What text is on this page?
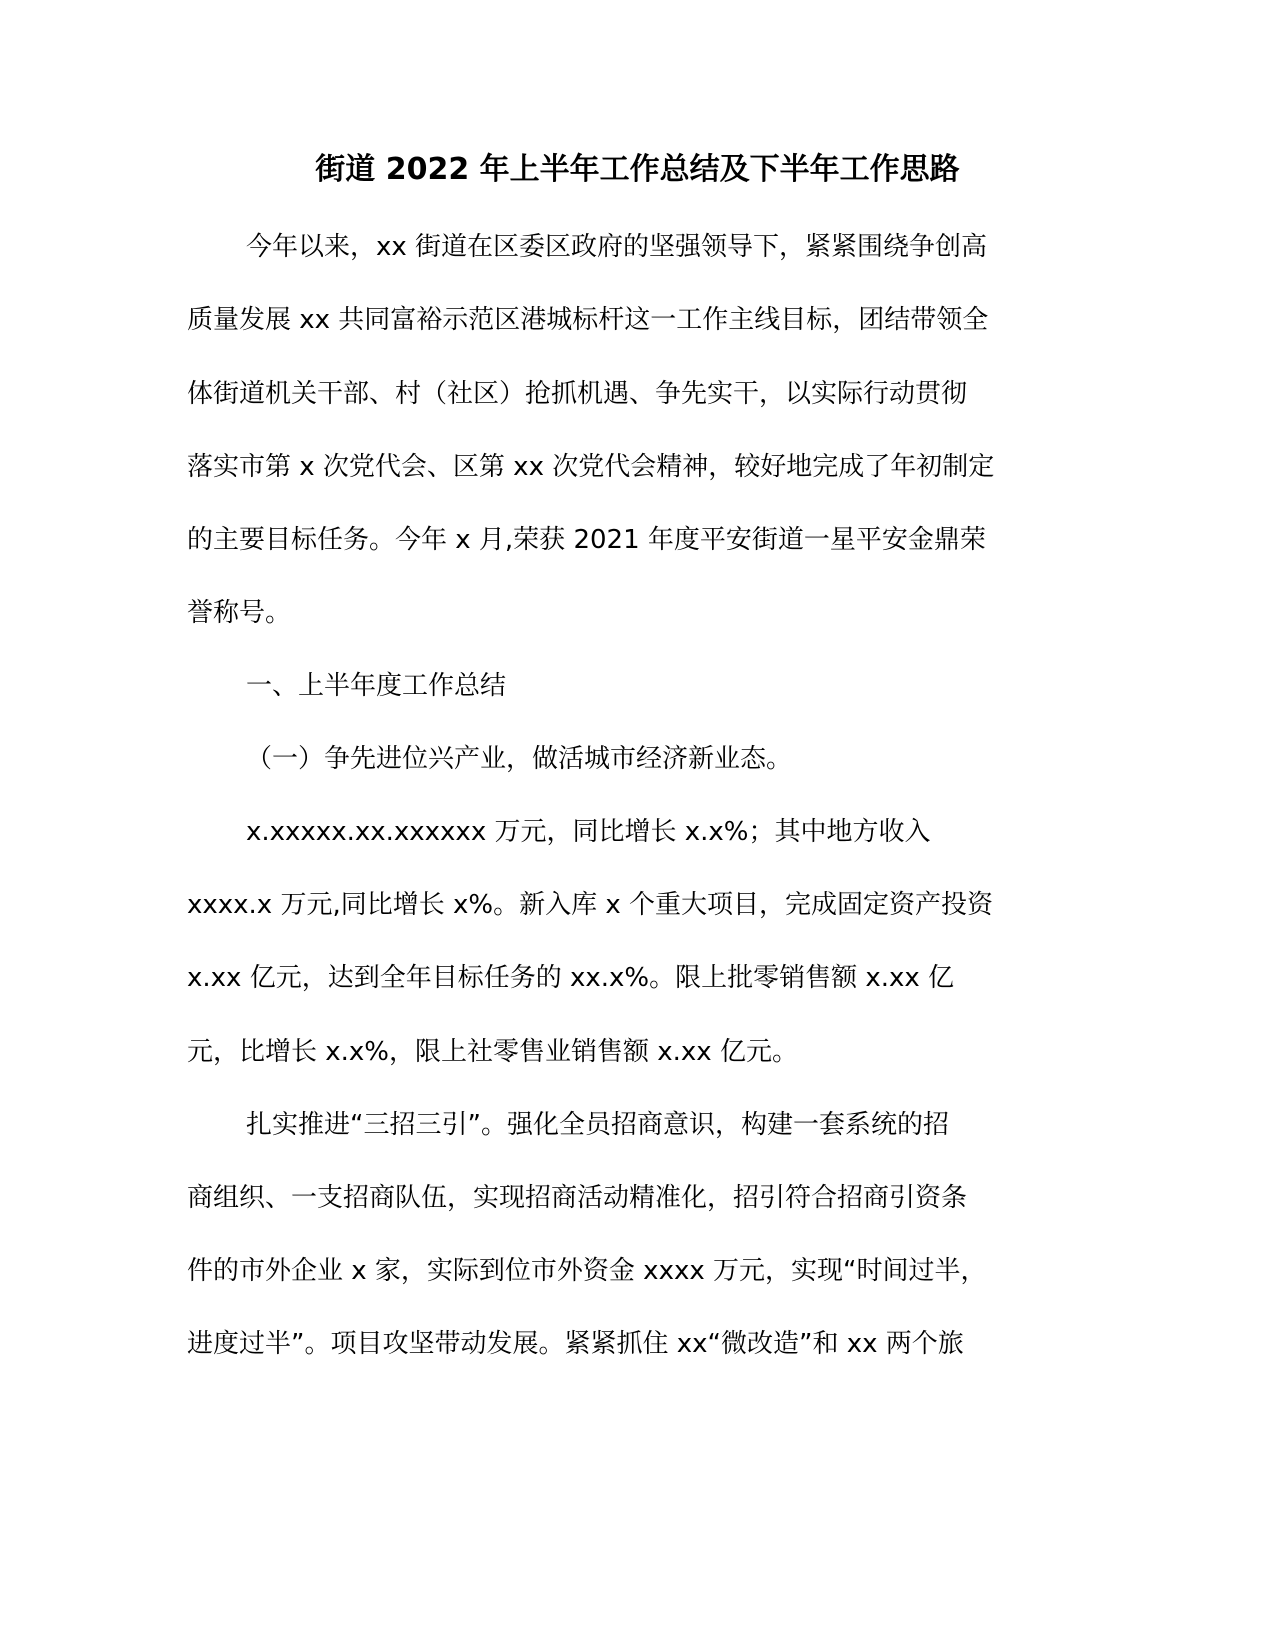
街道 2022 年上半年工作总结及下半年工作思路
今年以来，xx 街道在区委区政府的坚强领导下，紧紧围绕争创高
质量发展 xx 共同富裕示范区港城标杆这一工作主线目标，团结带领全
体街道机关干部、村（社区）抢抓机遇、争先实干，以实际行动贯彻
落实市第 x 次党代会、区第 xx 次党代会精神，较好地完成了年初制定
的主要目标任务。今年 x 月,荣获 2021 年度平安街道一星平安金鼎荣
誉称号。
一、上半年度工作总结
（一）争先进位兴产业，做活城市经济新业态。
x.xxxxx.xx.xxxxxx 万元，同比增长 x.x%；其中地方收入
xxxx.x 万元,同比增长 x%。新入库 x 个重大项目，完成固定资产投资
x.xx 亿元，达到全年目标任务的 xx.x%。限上批零销售额 x.xx 亿
元，比增长 x.x%，限上社零售业销售额 x.xx 亿元。
扎实推进“三招三引”。强化全员招商意识，构建一套系统的招
商组织、一支招商队伍，实现招商活动精准化，招引符合招商引资条
件的市外企业 x 家，实际到位市外资金 xxxx 万元，实现“时间过半，
进度过半”。项目攻坚带动发展。紧紧抓住 xx“微改造”和 xx 两个旅
